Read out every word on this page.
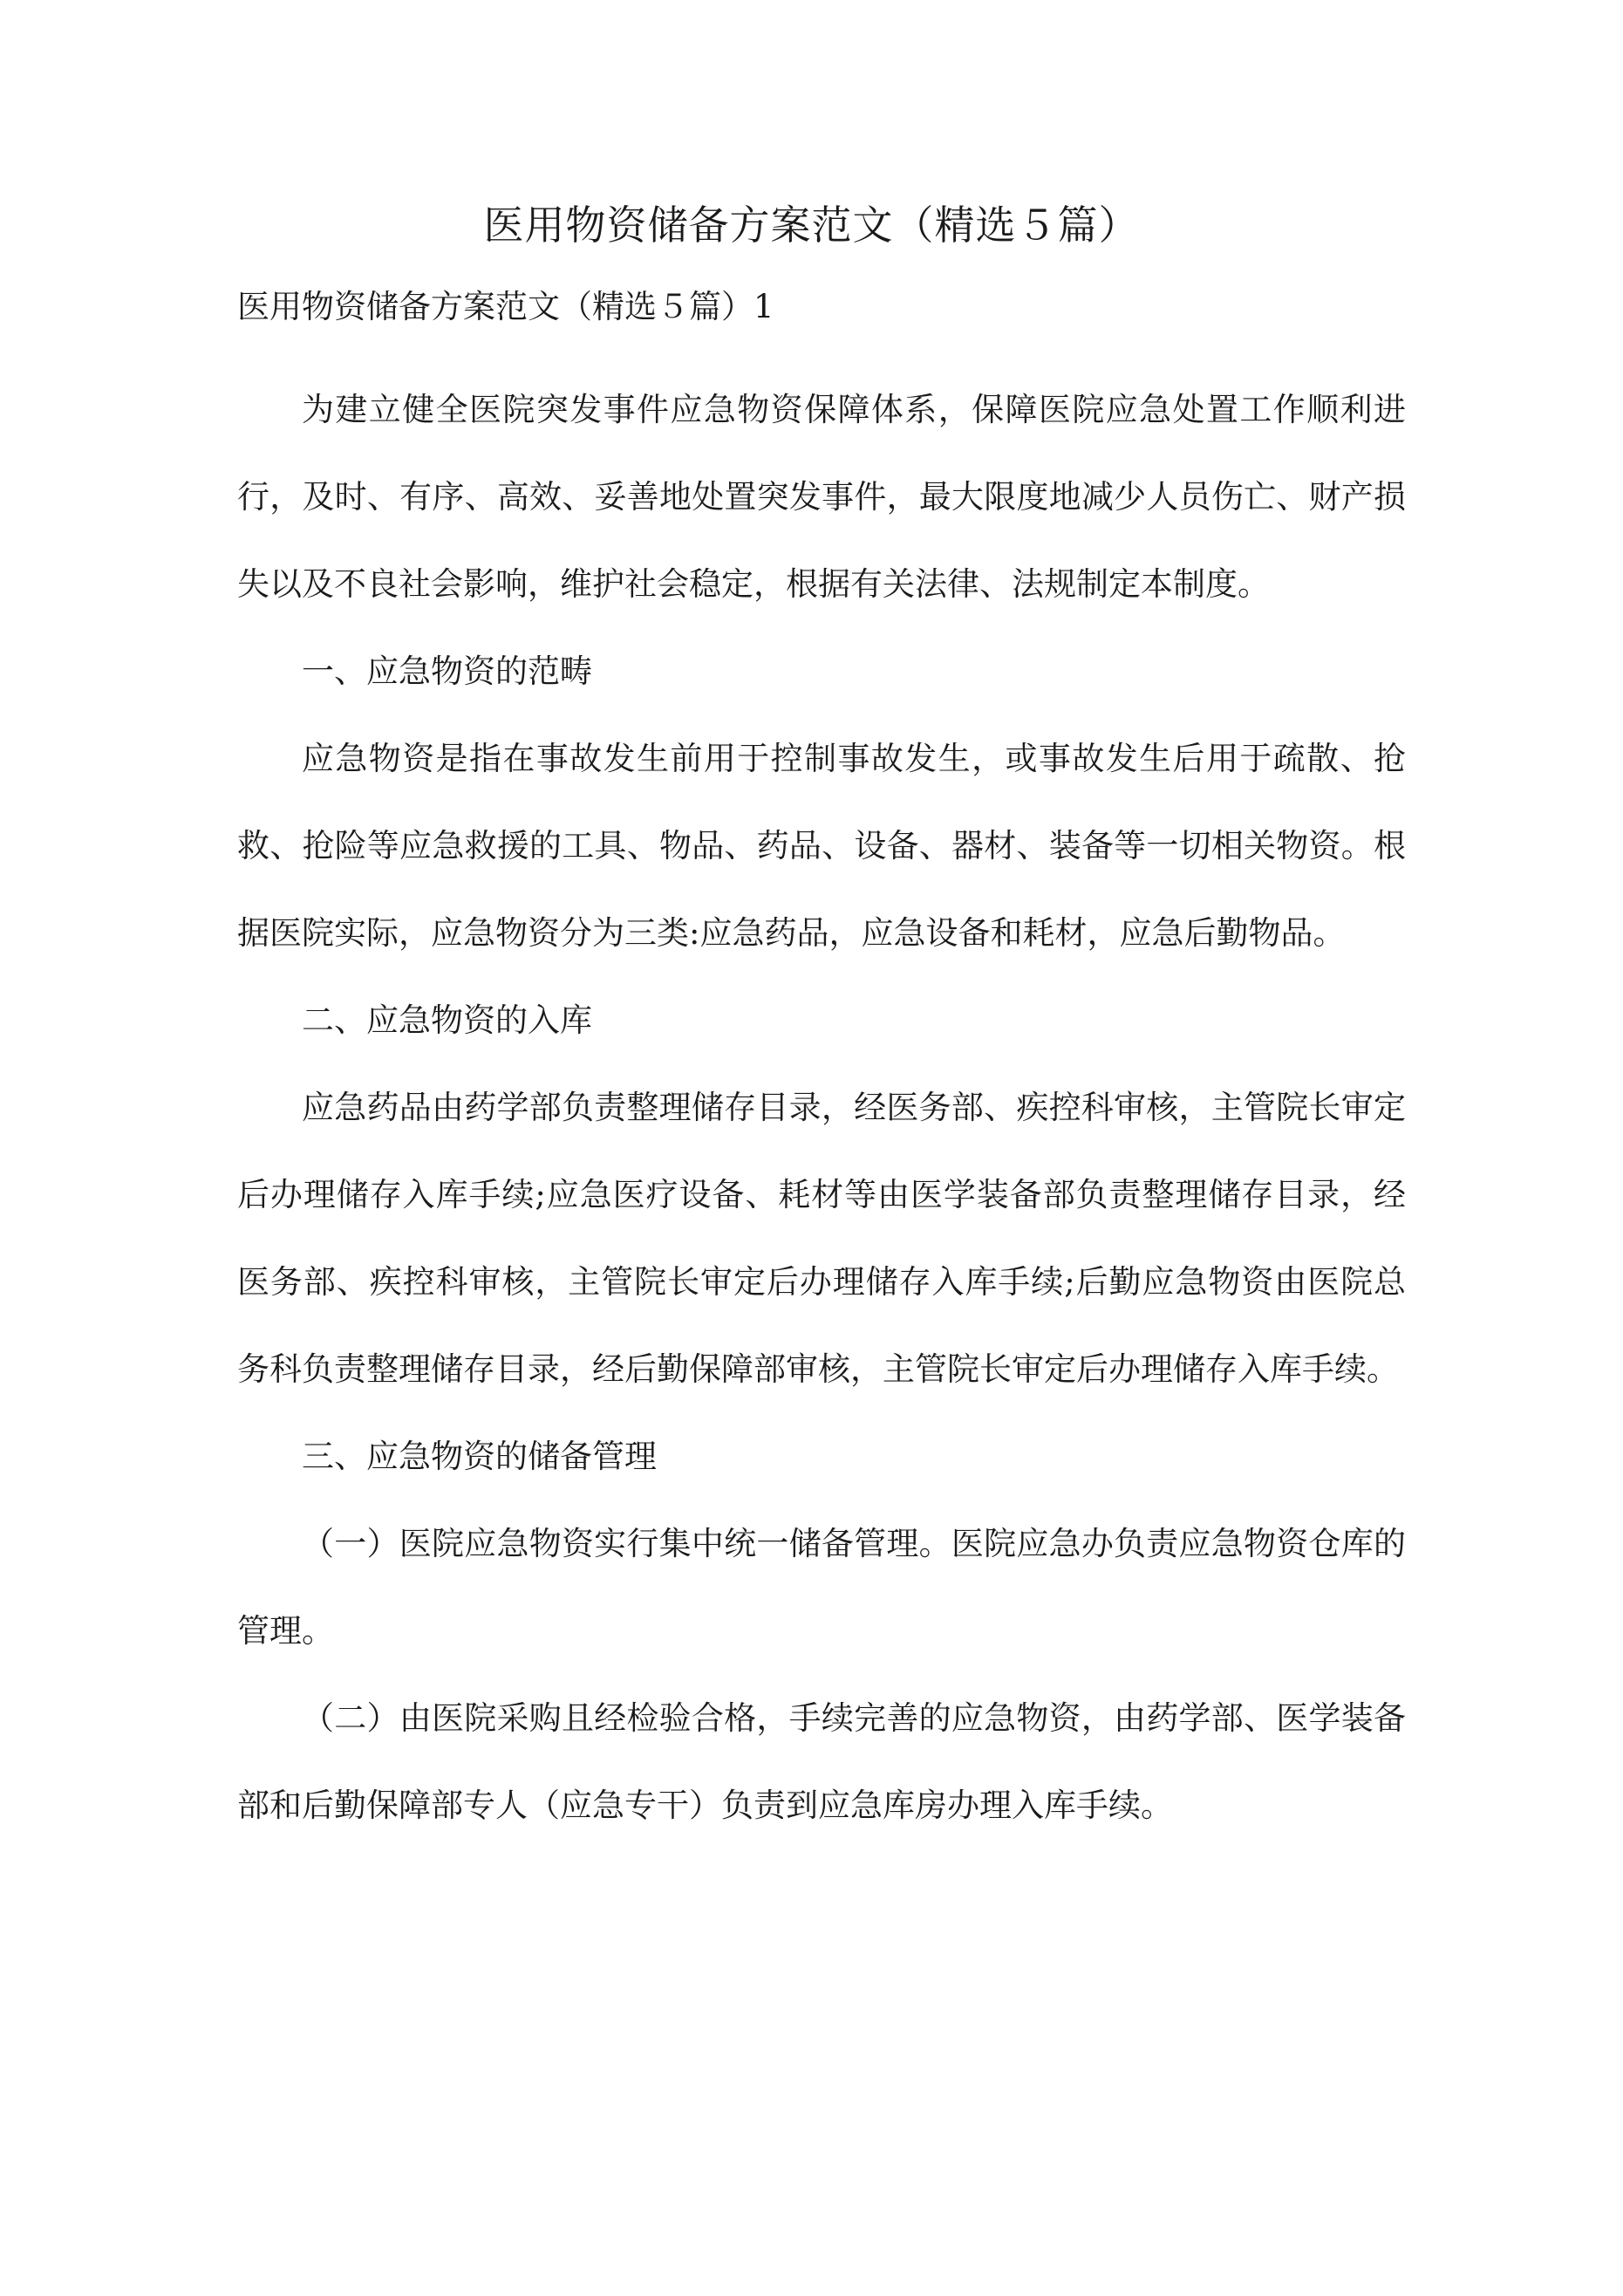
医用物资储备方案范文（精选５篇）
医用物资储备方案范文（精选５篇）1

为建立健全医院突发事件应急物资保障体系，保障医院应急处置工作顺利进行，及时、有序、高效、妥善地处置突发事件，最大限度地减少人员伤亡、财产损失以及不良社会影响，维护社会稳定，根据有关法律、法规制定本制度。

一、应急物资的范畴

应急物资是指在事故发生前用于控制事故发生，或事故发生后用于疏散、抢救、抢险等应急救援的工具、物品、药品、设备、器材、装备等一切相关物资。根据医院实际，应急物资分为三类:应急药品，应急设备和耗材，应急后勤物品。

二、应急物资的入库

应急药品由药学部负责整理储存目录，经医务部、疾控科审核，主管院长审定后办理储存入库手续;应急医疗设备、耗材等由医学装备部负责整理储存目录，经医务部、疾控科审核，主管院长审定后办理储存入库手续;后勤应急物资由医院总务科负责整理储存目录，经后勤保障部审核，主管院长审定后办理储存入库手续。

三、应急物资的储备管理

（一）医院应急物资实行集中统一储备管理。医院应急办负责应急物资仓库的管理。

（二）由医院采购且经检验合格，手续完善的应急物资，由药学部、医学装备部和后勤保障部专人（应急专干）负责到应急库房办理入库手续。
